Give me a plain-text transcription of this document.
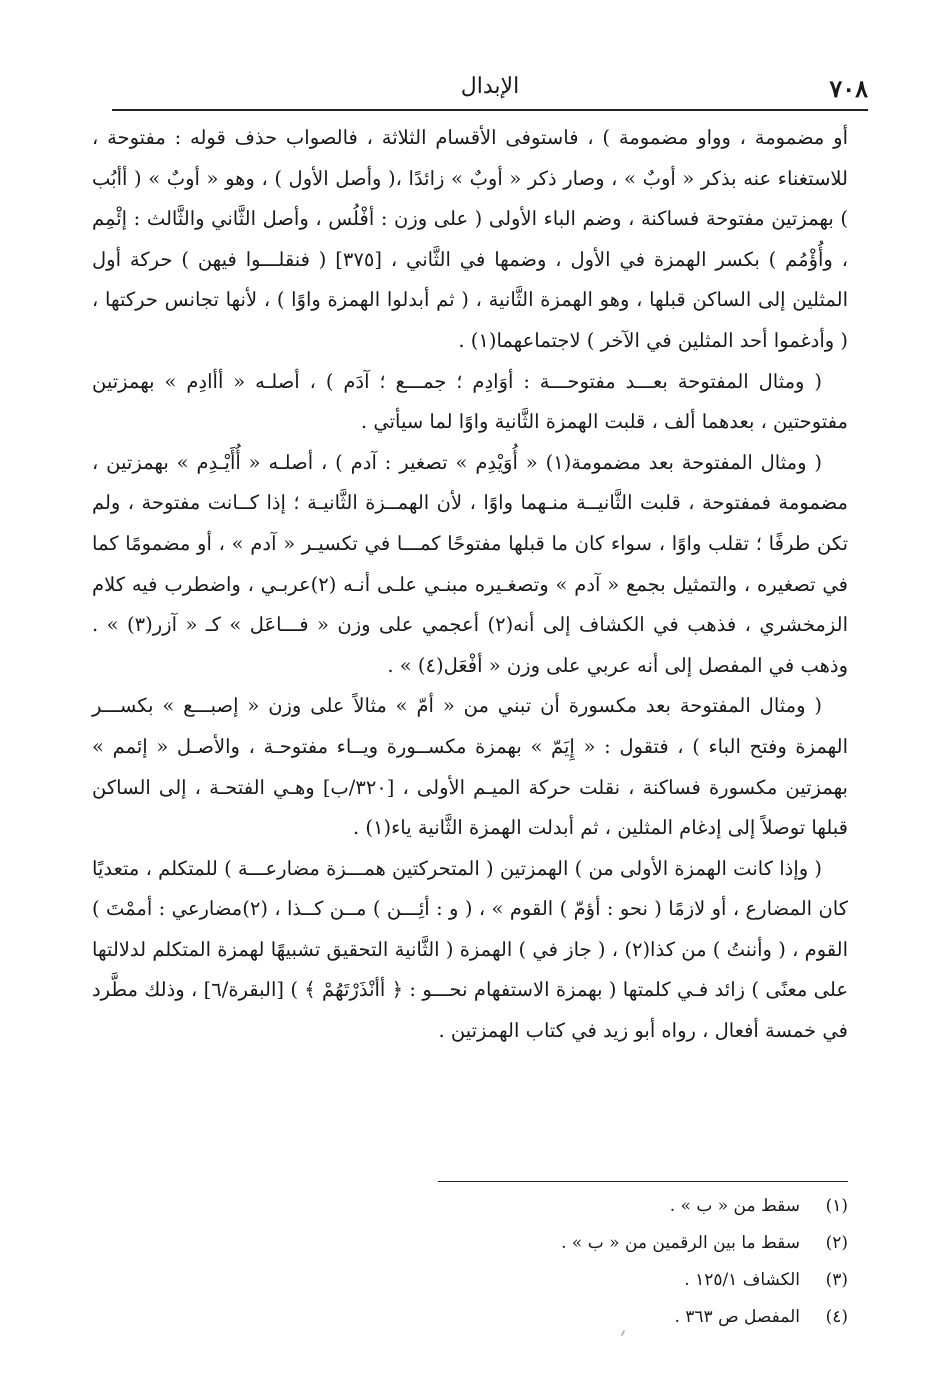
٧٠٨
الإبدال

أو مضمومة ، وواو مضمومة ) ، فاستوفى الأقسام الثلاثة ، فالصواب حذف قوله : مفتوحة ، للاستغناء عنه بذكر « أوبٌ » ، وصار ذكر « أوبٌ » زائدًا ،( وأصل الأول ) ، وهو « أوبٌ » ( أأبُب ) بهمزتين مفتوحة فساكنة ، وضم الباء الأولى ( على وزن : أفْلُس ، وأصل الثَّاني والثَّالث : إئْمِم ، وأُؤْمُم ) بكسر الهمزة في الأول ، وضمها في الثَّاني ، [٣٧٥] ( فنقلـــوا فيهن ) حركة أول المثلين إلى الساكن قبلها ، وهو الهمزة الثَّانية ، ( ثم أبدلوا الهمزة واوًا ) ، لأنها تجانس حركتها ، ( وأدغموا أحد المثلين في الآخر ) لاجتماعهما(١) .

( ومثال المفتوحة بعـــد مفتوحـــة : أوَادِم ؛ جمـــع ؛ آدَم ) ، أصلـه « أأادِم » بهمزتين مفتوحتين ، بعدهما ألف ، قلبت الهمزة الثَّانية واوًا لما سيأتي .

( ومثال المفتوحة بعد مضمومة(١) « أُوَيْدِم » تصغير : آدم ) ، أصلـه « أُأَيْـدِم » بهمزتين ، مضمومة فمفتوحة ، قلبت الثَّانيــة منـهما واوًا ، لأن الهمــزة الثَّانيـة ؛ إذا كــانت مفتوحة ، ولم تكن طرفًا ؛ تقلب واوًا ، سواء كان ما قبلها مفتوحًا كمـــا في تكسيـر « آدم » ، أو مضمومًا كما في تصغيره ، والتمثيل بجمع « آدم » وتصغـيره مبنـي علـى أنـه (٢)عربـي ، واضطرب فيه كلام الزمخشري ، فذهب في الكشاف إلى أنه(٢) أعجمي على وزن « فـــاعَل » كـ « آزر(٣) » . وذهب في المفصل إلى أنه عربي على وزن « أفْعَل(٤) » .

( ومثال المفتوحة بعد مكسورة أن تبني من « أمّ » مثالاً على وزن « إصبـــع » بكســـر الهمزة وفتح الباء ) ، فتقول : « إِيَمّ » بهمزة مكســورة ويــاء مفتوحـة ، والأصـل « إئمم » بهمزتين مكسورة فساكنة ، نقلت حركة الميـم الأولى ، [٣٢٠/ب] وهـي الفتحـة ، إلى الساكن قبلها توصلاً إلى إدغام المثلين ، ثم أبدلت الهمزة الثَّانية ياء(١) .

( وإذا كانت الهمزة الأولى من ) الهمزتين ( المتحركتين همـــزة مضارعـــة ) للمتكلم ، متعديًا كان المضارع ، أو لازمًا ( نحو : أؤمّ ) القوم » ، ( و : أئِـــن ) مــن كــذا ، (٢)مضارعي : أممْتَ ) القوم ، ( وأننتُ ) من كذا(٢) ، ( جاز في ) الهمزة ( الثَّانية التحقيق تشبيهًا لهمزة المتكلم لدلالتها على معنًى ) زائد فـي كلمتها ( بهمزة الاستفهام نحـــو : ﴿ أأنْذَرْتَهُمْ ﴾ ) [البقرة/٦] ، وذلك مطَّرد في خمسة أفعال ، رواه أبو زيد في كتاب الهمزتين .

(١)
سقط من « ب » .
(٢)
سقط ما بين الرقمين من « ب » .
(٣)
الكشاف ١٢٥/١ .
(٤)
المفصل ص ٣٦٣ .
